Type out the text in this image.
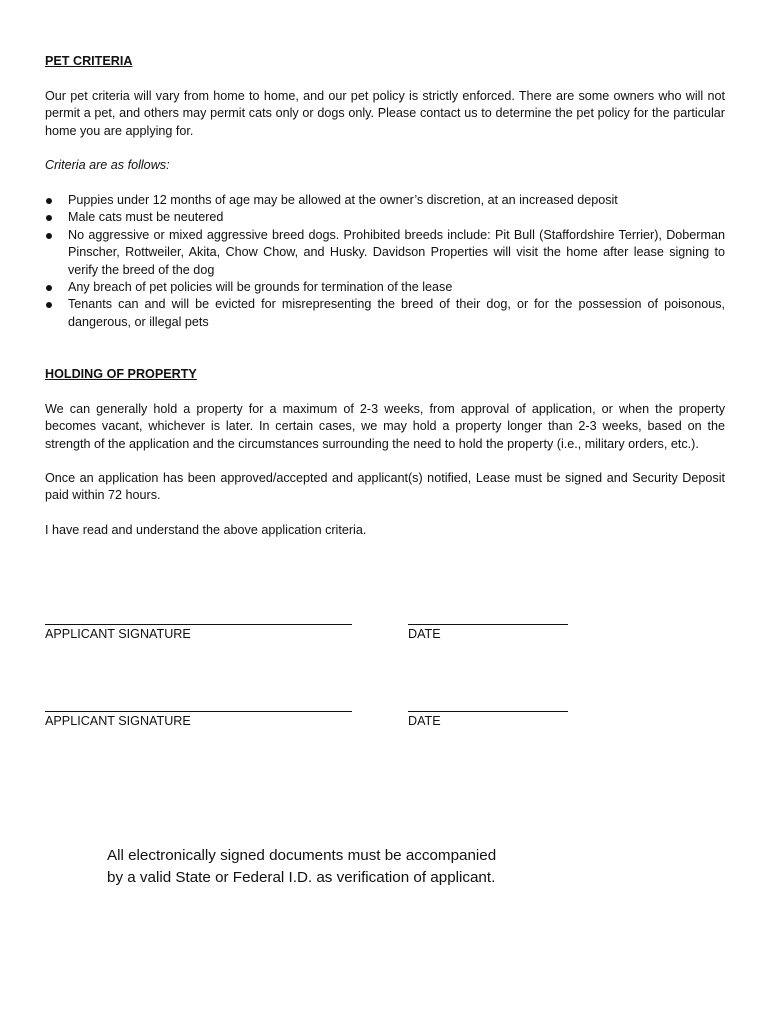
PET CRITERIA

Our pet criteria will vary from home to home, and our pet policy is strictly enforced. There are some owners who will not permit a pet, and others may permit cats only or dogs only. Please contact us to determine the pet policy for the particular home you are applying for.

Criteria are as follows:

Puppies under 12 months of age may be allowed at the owner’s discretion, at an increased deposit
Male cats must be neutered
No aggressive or mixed aggressive breed dogs. Prohibited breeds include: Pit Bull (Staffordshire Terrier), Doberman Pinscher, Rottweiler, Akita, Chow Chow, and Husky. Davidson Properties will visit the home after lease signing to verify the breed of the dog
Any breach of pet policies will be grounds for termination of the lease
Tenants can and will be evicted for misrepresenting the breed of their dog, or for the possession of poisonous, dangerous, or illegal pets

HOLDING OF PROPERTY

We can generally hold a property for a maximum of 2-3 weeks, from approval of application, or when the property becomes vacant, whichever is later. In certain cases, we may hold a property longer than 2-3 weeks, based on the strength of the application and the circumstances surrounding the need to hold the property (i.e., military orders, etc.).

Once an application has been approved/accepted and applicant(s) notified, Lease must be signed and Security Deposit paid within 72 hours.

I have read and understand the above application criteria.

APPLICANT SIGNATURE	DATE
APPLICANT SIGNATURE	DATE
All electronically signed documents must be accompanied
by a valid State or Federal I.D. as verification of applicant.
